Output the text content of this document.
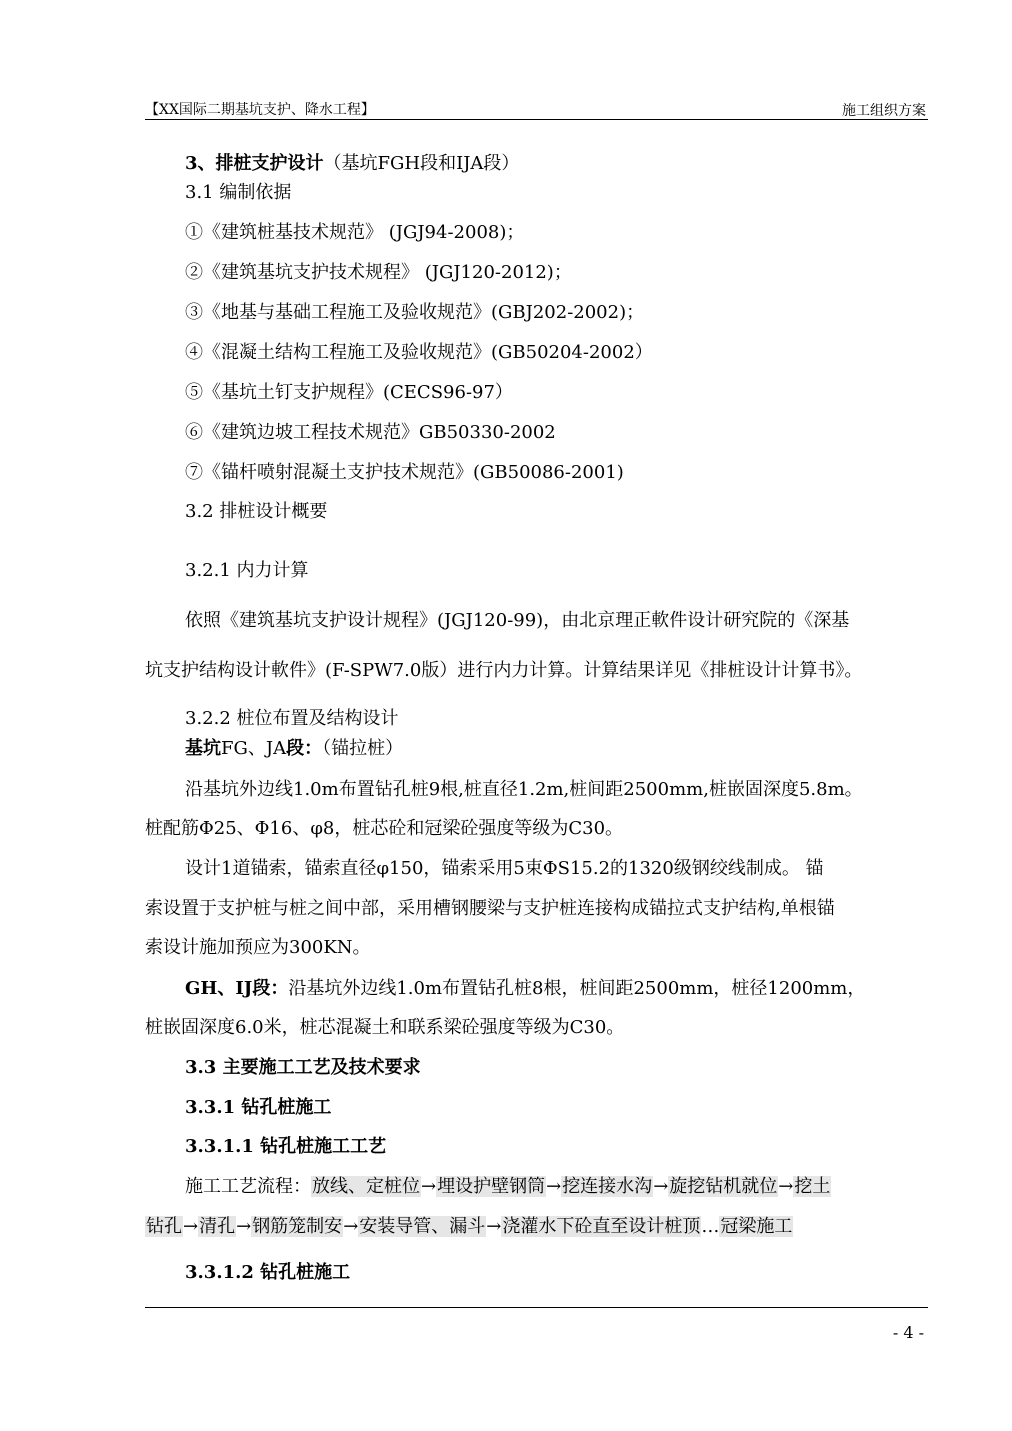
【XX国际二期基坑支护、降水工程】	施工组织方案
3、排桩支护设计（基坑FGH段和IJA段）
3.1 编制依据
①《建筑桩基技术规范》 (JGJ94-2008)；
②《建筑基坑支护技术规程》 (JGJ120-2012)；
③《地基与基础工程施工及验收规范》(GBJ202-2002)；
④《混凝土结构工程施工及验收规范》(GB50204-2002）
⑤《基坑土钉支护规程》(CECS96-97）
⑥《建筑边坡工程技术规范》GB50330-2002
⑦《锚杆喷射混凝土支护技术规范》(GB50086-2001)
3.2 排桩设计概要
3.2.1 内力计算
依照《建筑基坑支护设计规程》(JGJ120-99)，由北京理正軟件设计研究院的《深基
坑支护结构设计軟件》(F-SPW7.0版）进行内力计算。计算结果详见《排桩设计计算书》。
3.2.2 桩位布置及结构设计
基坑FG、JA段：（锚拉桩）
沿基坑外边线1.0m布置钻孔桩9根,桩直径1.2m,桩间距2500mm,桩嵌固深度5.8m。
桩配筋Φ25、Φ16、φ8，桩芯砼和冠梁砼强度等级为C30。
设计1道锚索，锚索直径φ150，锚索采用5束ΦS15.2的1320级钢绞线制成。 锚
索设置于支护桩与桩之间中部，采用槽钢腰梁与支护桩连接构成锚拉式支护结构,单根锚
索设计施加预应为300KN。
GH、IJ段：沿基坑外边线1.0m布置钻孔桩8根，桩间距2500mm，桩径1200mm，
桩嵌固深度6.0米，桩芯混凝土和联系梁砼强度等级为C30。
3.3 主要施工工艺及技术要求
3.3.1 钻孔桩施工
3.3.1.1 钻孔桩施工工艺
施工工艺流程：放线、定桩位→埋设护壁钢筒→挖连接水沟→旋挖钻机就位→挖土
钻孔→清孔→钢筋笼制安→安装导管、漏斗→浇灌水下砼直至设计桩顶…冠梁施工
3.3.1.2 钻孔桩施工
- 4 -
